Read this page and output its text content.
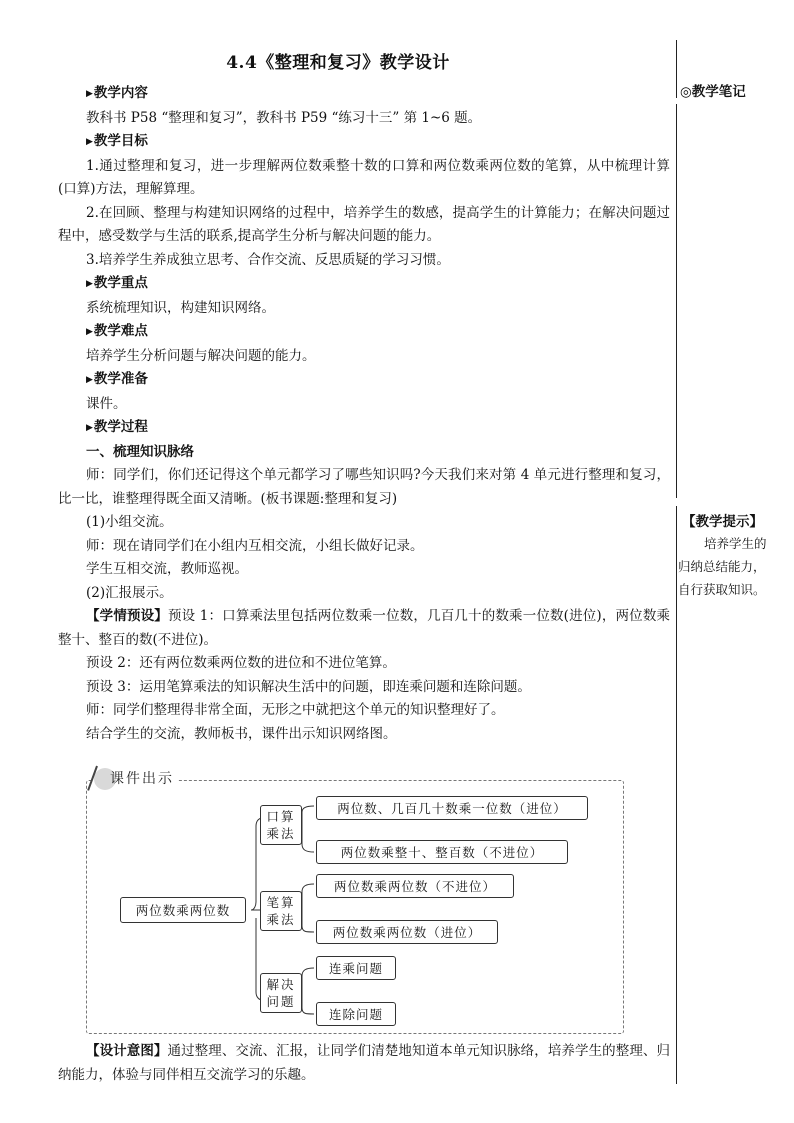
4.4《整理和复习》教学设计
◎教学笔记
【教学提示】
培养学生的归纳总结能力，自行获取知识。

▶教学内容

教科书 P58 “整理和复习”，教科书 P59 “练习十三” 第 1~6 题。

▶教学目标

1.通过整理和复习，进一步理解两位数乘整十数的口算和两位数乘两位数的笔算，从中梳理计算(口算)方法，理解算理。

2.在回顾、整理与构建知识网络的过程中，培养学生的数感，提高学生的计算能力；在解决问题过程中，感受数学与生活的联系,提高学生分析与解决问题的能力。

3.培养学生养成独立思考、合作交流、反思质疑的学习习惯。

▶教学重点

系统梳理知识，构建知识网络。

▶教学难点

培养学生分析问题与解决问题的能力。

▶教学准备

课件。

▶教学过程

一、梳理知识脉络

师：同学们，你们还记得这个单元都学习了哪些知识吗?今天我们来对第 4 单元进行整理和复习，比一比，谁整理得既全面又清晰。(板书课题:整理和复习)

(1)小组交流。

师：现在请同学们在小组内互相交流，小组长做好记录。

学生互相交流，教师巡视。

(2)汇报展示。

【学情预设】预设 1：口算乘法里包括两位数乘一位数，几百几十的数乘一位数(进位)，两位数乘整十、整百的数(不进位)。

预设 2：还有两位数乘两位数的进位和不进位笔算。

预设 3：运用笔算乘法的知识解决生活中的问题，即连乘问题和连除问题。

师：同学们整理得非常全面，无形之中就把这个单元的知识整理好了。

结合学生的交流，教师板书，课件出示知识网络图。

课件出示
两位数乘两位数
口算乘法
笔算乘法
解决问题
两位数、几百几十数乘一位数（进位）
两位数乘整十、整百数（不进位）
两位数乘两位数（不进位）
两位数乘两位数（进位）
连乘问题
连除问题
【设计意图】通过整理、交流、汇报，让同学们清楚地知道本单元知识脉络，培养学生的整理、归纳能力，体验与同伴相互交流学习的乐趣。
